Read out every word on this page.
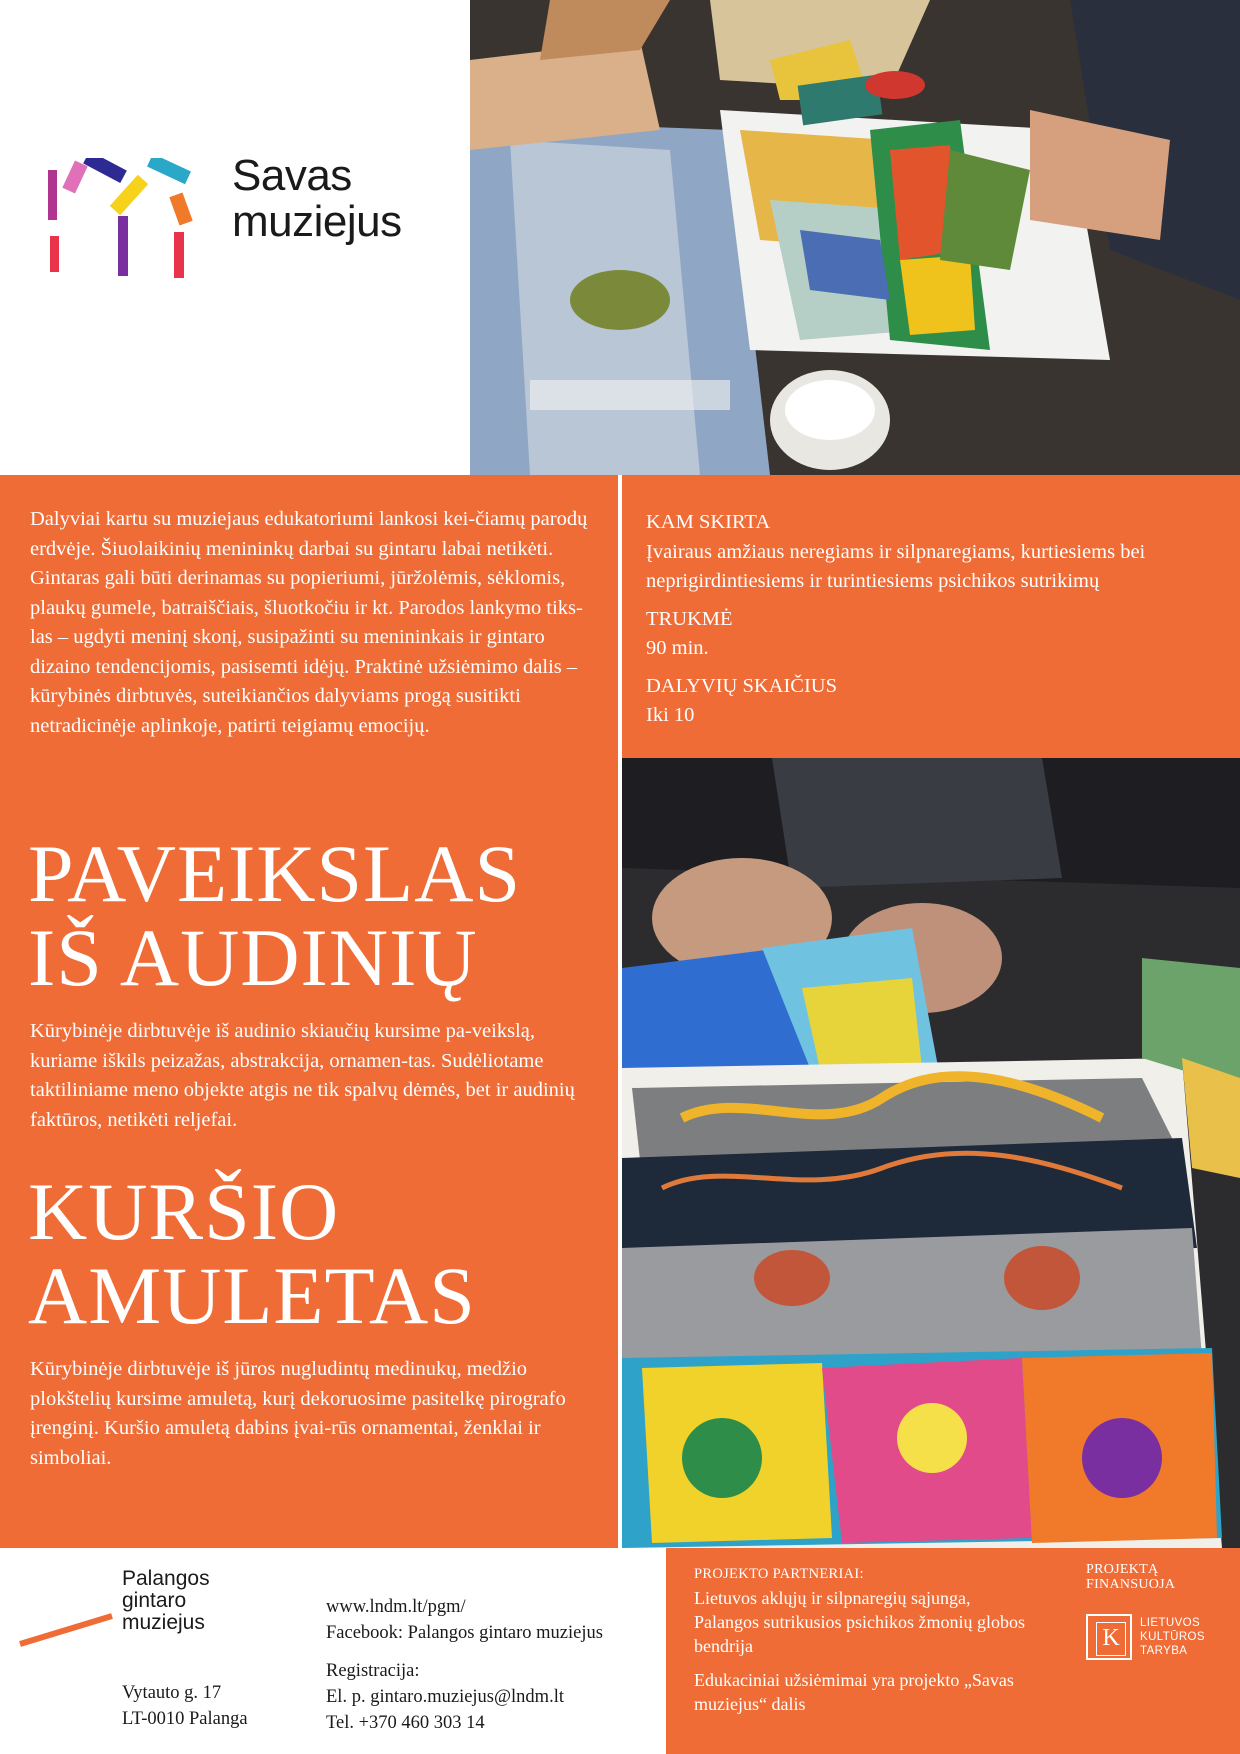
Savas
muziejus

Dalyviai kartu su muziejaus edukatoriumi lankosi kei-čiamų parodų erdvėje. Šiuolaikinių menininkų darbai su gintaru labai netikėti. Gintaras gali būti derinamas su popieriumi, jūržolėmis, sėklomis, plaukų gumele, batraiščiais, šluotkočiu ir kt. Parodos lankymo tiks-las – ugdyti meninį skonį, susipažinti su menininkais ir gintaro dizaino tendencijomis, pasisemti idėjų. Praktinė užsiėmimo dalis – kūrybinės dirbtuvės, suteikiančios dalyviams progą susitikti netradicinėje aplinkoje, patirti teigiamų emocijų.

PAVEIKSLAS
IŠ AUDINIŲ

Kūrybinėje dirbtuvėje iš audinio skiaučių kursime pa-veikslą, kuriame iškils peizažas, abstrakcija, ornamen-tas. Sudėliotame taktiliniame meno objekte atgis ne tik spalvų dėmės, bet ir audinių faktūros, netikėti reljefai.

KURŠIO
AMULETAS

Kūrybinėje dirbtuvėje iš jūros nugludintų medinukų, medžio plokštelių kursime amuletą, kurį dekoruosime pasitelkę pirografo įrenginį. Kuršio amuletą dabins įvai-rūs ornamentai, ženklai ir simboliai.

KAM SKIRTA
Įvairaus amžiaus neregiams ir silpnaregiams, kurtiesiems bei neprigirdintiesiems ir turintiesiems psichikos sutrikimų
TRUKMĖ
90 min.
DALYVIŲ SKAIČIUS
Iki 10
Palangos
gintaro
muziejus
Vytauto g. 17
LT-0010 Palanga
www.lndm.lt/pgm/
Facebook: Palangos gintaro muziejus
Registracija:
El. p. gintaro.muziejus@lndm.lt
Tel. +370 460 303 14
PROJEKTO PARTNERIAI:
Lietuvos aklųjų ir silpnaregių sąjunga,
Palangos sutrikusios psichikos žmonių globos bendrija
Edukaciniai užsiėmimai yra projekto „Savas muziejus“ dalis
PROJEKTĄ
FINANSUOJA
K
LIETUVOS
KULTŪROS
TARYBA
